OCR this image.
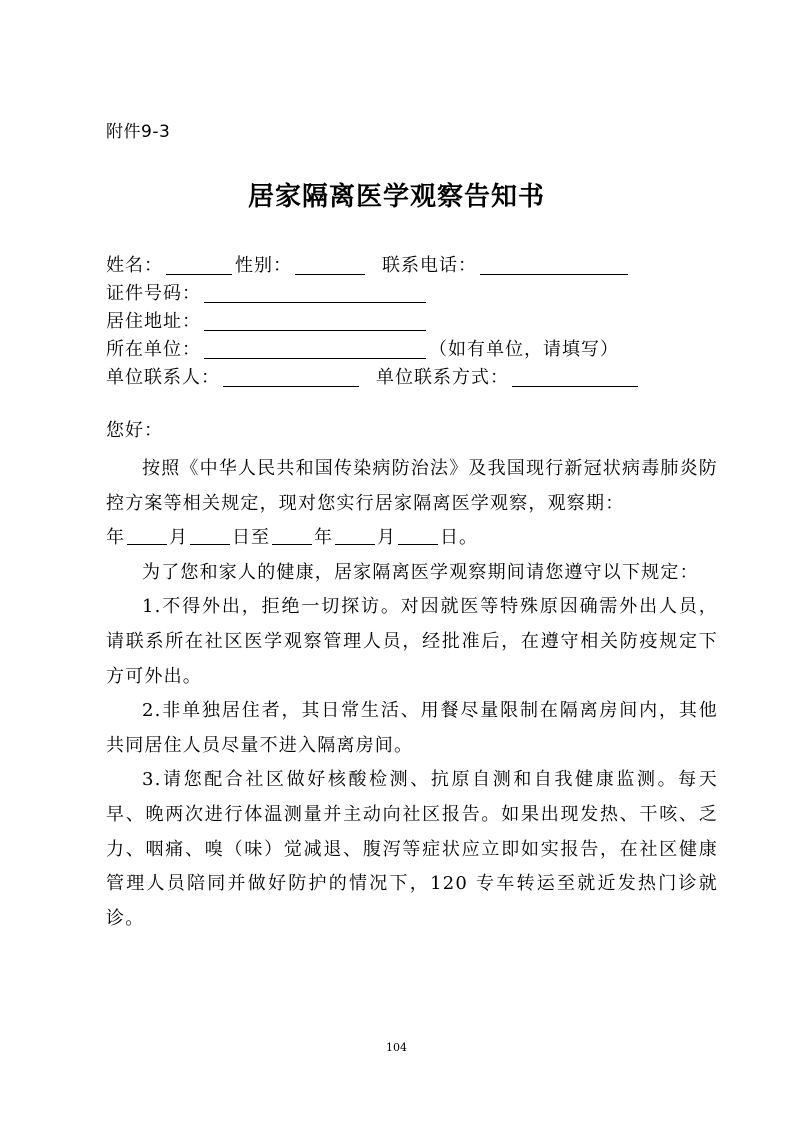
附件9-3
居家隔离医学观察告知书
姓名：	性别：	联系电话：
证件号码：
居住地址：
所在单位：	（如有单位，请填写）
单位联系人：	单位联系方式：
您好：

按照《中华人民共和国传染病防治法》及我国现行新冠状病毒肺炎防控方案等相关规定，现对您实行居家隔离医学观察，观察期：

年 月 日至 年 月 日。

为了您和家人的健康，居家隔离医学观察期间请您遵守以下规定：

1.不得外出，拒绝一切探访。对因就医等特殊原因确需外出人员，请联系所在社区医学观察管理人员，经批准后，在遵守相关防疫规定下方可外出。

2.非单独居住者，其日常生活、用餐尽量限制在隔离房间内，其他共同居住人员尽量不进入隔离房间。

3.请您配合社区做好核酸检测、抗原自测和自我健康监测。每天早、晚两次进行体温测量并主动向社区报告。如果出现发热、干咳、乏力、咽痛、嗅（味）觉减退、腹泻等症状应立即如实报告，在社区健康管理人员陪同并做好防护的情况下，120 专车转运至就近发热门诊就诊。

104
